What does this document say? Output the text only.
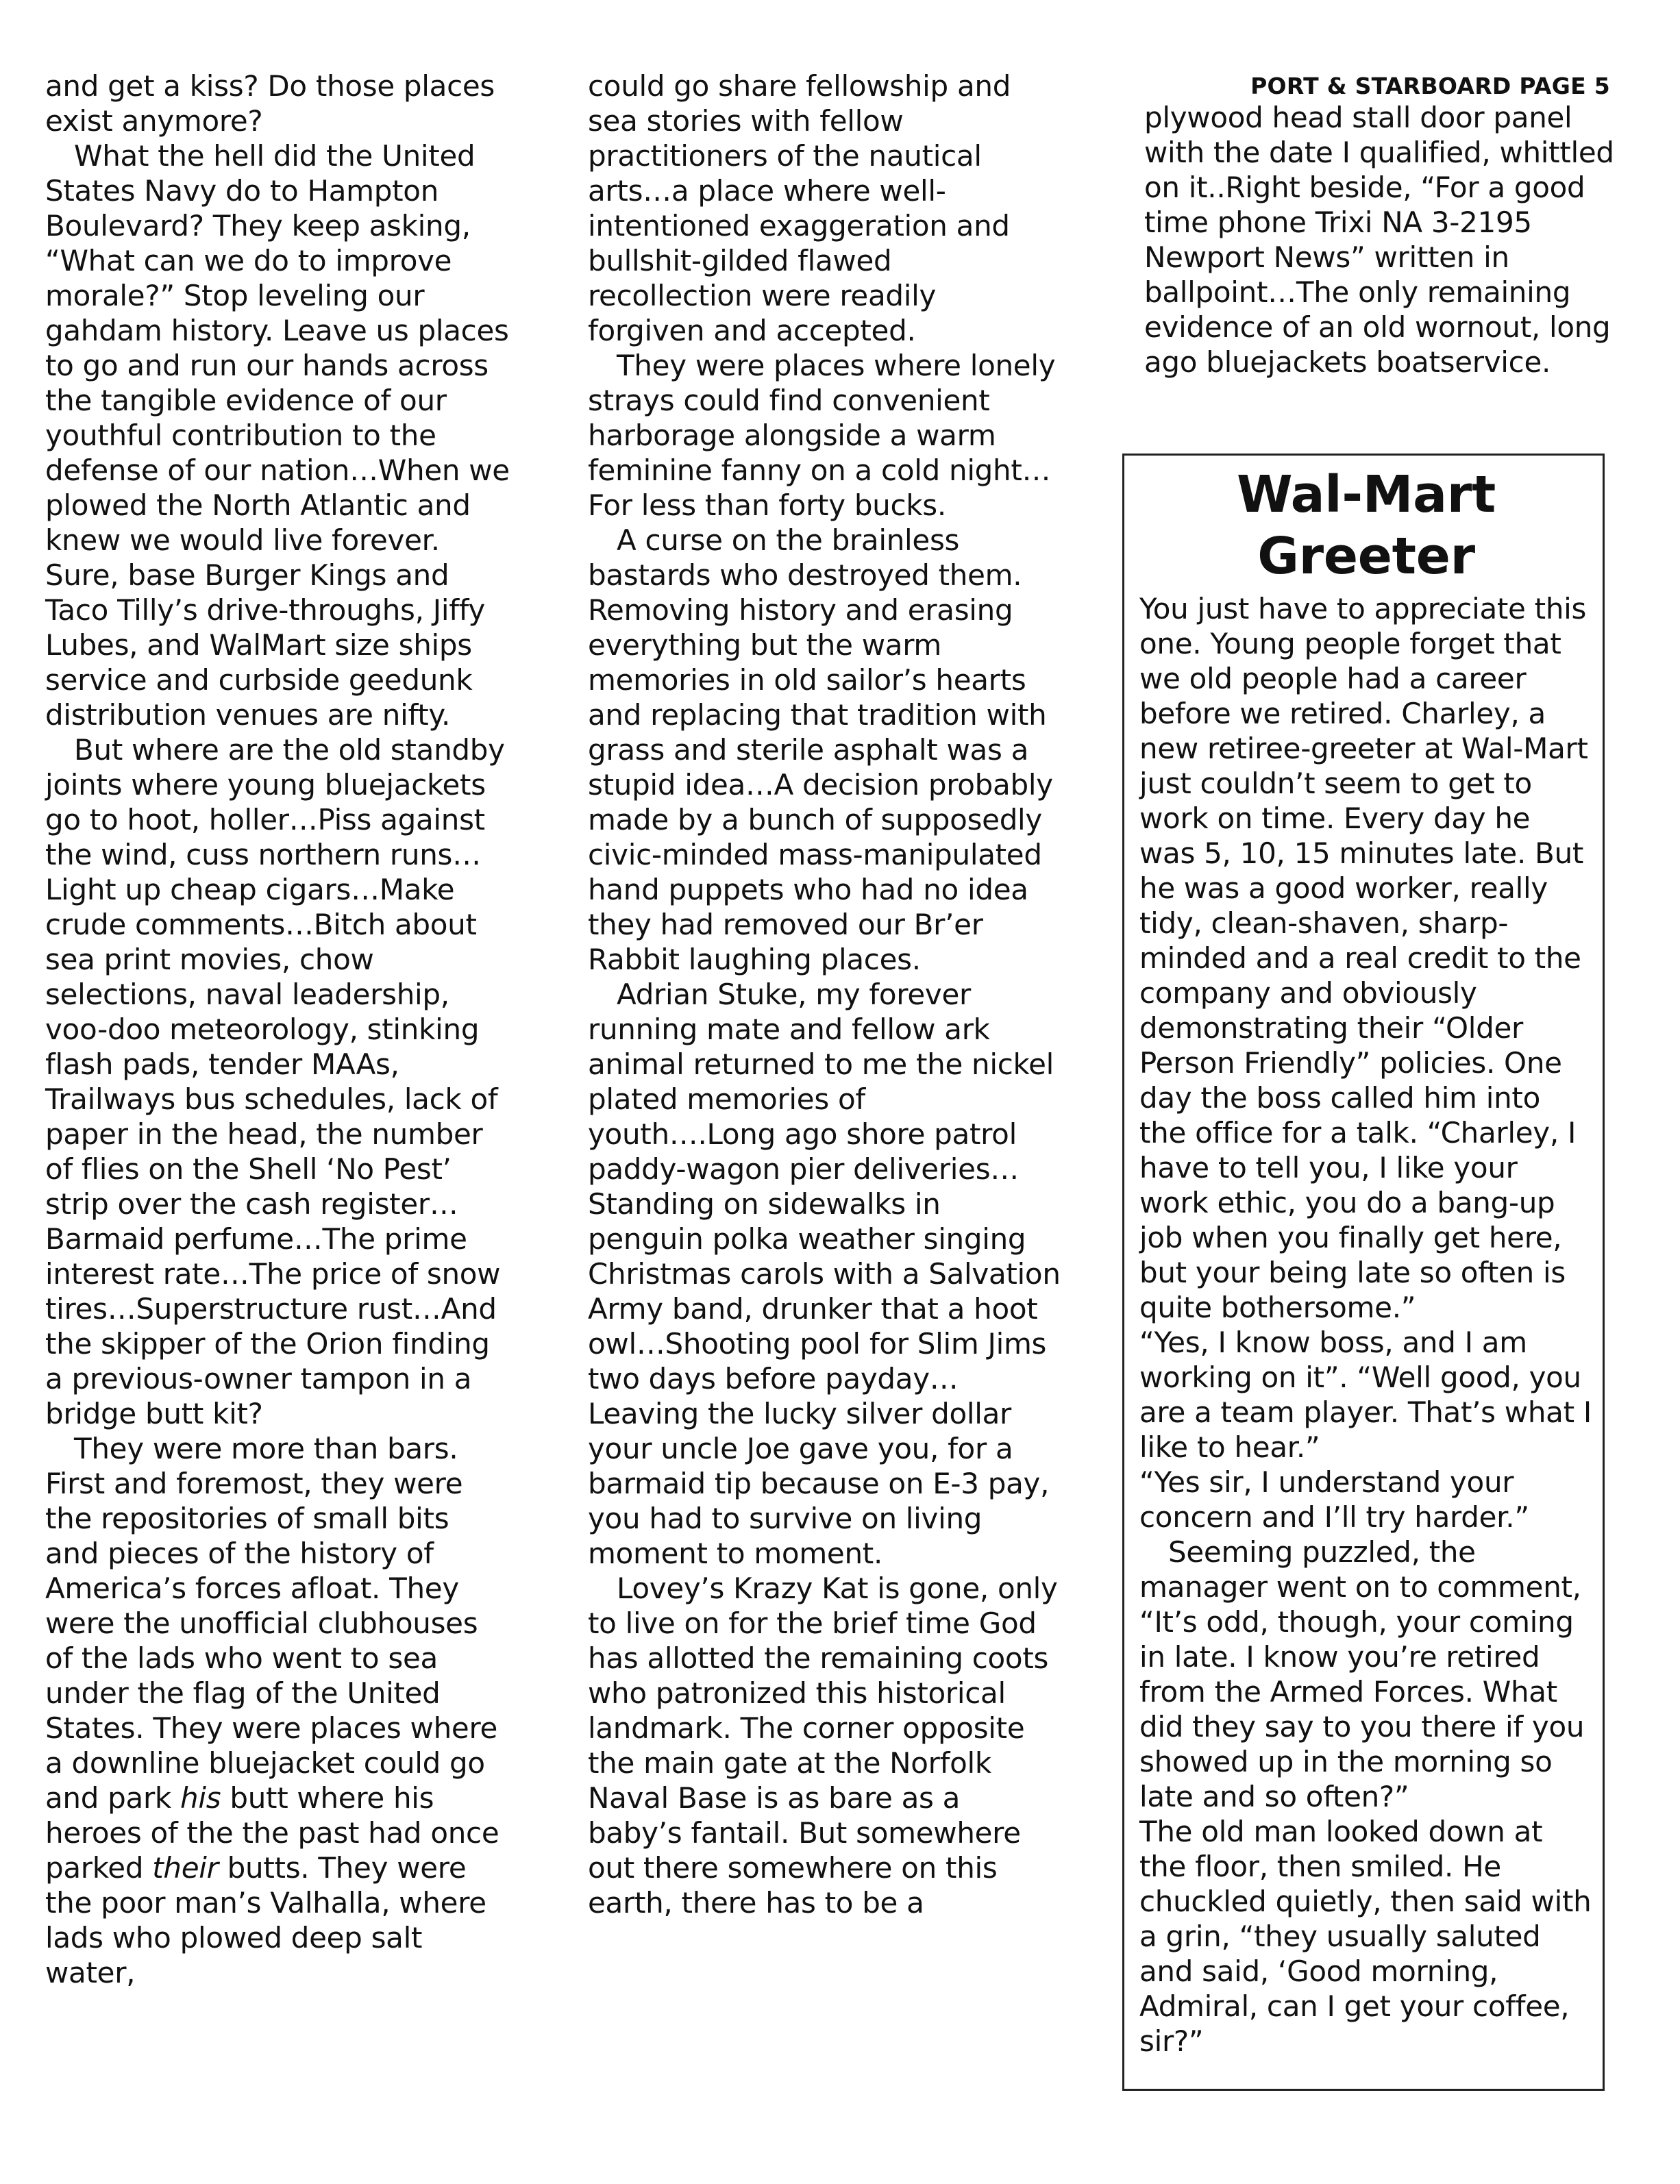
and get a kiss? Do those places exist anymore?

What the hell did the United States Navy do to Hampton Boulevard? They keep asking, “What can we do to improve morale?” Stop leveling our gahdam history. Leave us places to go and run our hands across the tangible evidence of our youthful contribution to the defense of our nation…When we plowed the North Atlantic and knew we would live forever. Sure, base Burger Kings and Taco Tilly’s drive-throughs, Jiffy Lubes, and WalMart size ships service and curbside geedunk distribution venues are nifty.

But where are the old standby joints where young bluejackets go to hoot, holler…Piss against the wind, cuss northern runs…Light up cheap cigars…Make crude comments…Bitch about sea print movies, chow selections, naval leadership, voo-doo meteorology, stinking flash pads, tender MAAs, Trailways bus schedules, lack of paper in the head, the number of flies on the Shell ‘No Pest’ strip over the cash register… Barmaid perfume…The prime interest rate…The price of snow tires…Superstructure rust…And the skipper of the Orion finding a previous-owner tampon in a bridge butt kit?

They were more than bars. First and foremost, they were the repositories of small bits and pieces of the history of America’s forces afloat. They were the unofficial clubhouses of the lads who went to sea under the flag of the United States. They were places where a downline bluejacket could go and park his butt where his heroes of the the past had once parked their butts. They were the poor man’s Valhalla, where lads who plowed deep salt water,

could go share fellowship and sea stories with fellow practitioners of the nautical arts…a place where well-intentioned exaggeration and bullshit-gilded flawed recollection were readily forgiven and accepted.

They were places where lonely strays could find convenient harborage alongside a warm feminine fanny on a cold night…For less than forty bucks.

A curse on the brainless bastards who destroyed them. Removing history and erasing everything but the warm memories in old sailor’s hearts and replacing that tradition with grass and sterile asphalt was a stupid idea…A decision probably made by a bunch of supposedly civic-minded mass-manipulated hand puppets who had no idea they had removed our Br’er Rabbit laughing places.

Adrian Stuke, my forever running mate and fellow ark animal returned to me the nickel plated memories of youth….Long ago shore patrol paddy-wagon pier deliveries…Standing on sidewalks in penguin polka weather singing Christmas carols with a Salvation Army band, drunker that a hoot owl…Shooting pool for Slim Jims two days before payday…Leaving the lucky silver dollar your uncle Joe gave you, for a barmaid tip because on E-3 pay, you had to survive on living moment to moment.

Lovey’s Krazy Kat is gone, only to live on for the brief time God has allotted the remaining coots who patronized this historical landmark. The corner opposite the main gate at the Norfolk Naval Base is as bare as a baby’s fantail. But somewhere out there somewhere on this earth, there has to be a

PORT & STARBOARD PAGE 5

plywood head stall door panel with the date I qualified, whittled on it..Right beside, “For a good time phone Trixi NA 3-2195 Newport News” written in ballpoint…The only remaining evidence of an old wornout, long ago bluejackets boatservice.

Wal-Mart Greeter

You just have to appreciate this one. Young people forget that we old people had a career before we retired. Charley, a new retiree-greeter at Wal-Mart just couldn’t seem to get to work on time. Every day he was 5, 10, 15 minutes late. But he was a good worker, really tidy, clean-shaven, sharp-minded and a real credit to the company and obviously demonstrating their “Older Person Friendly” policies. One day the boss called him into the office for a talk. “Charley, I have to tell you, I like your work ethic, you do a bang-up job when you finally get here, but your being late so often is quite bothersome.”

“Yes, I know boss, and I am working on it”. “Well good, you are a team player. That’s what I like to hear.”

“Yes sir, I understand your concern and I’ll try harder.”

Seeming puzzled, the manager went on to comment, “It’s odd, though, your coming in late. I know you’re retired from the Armed Forces. What did they say to you there if you showed up in the morning so late and so often?”

The old man looked down at the floor, then smiled. He chuckled quietly, then said with a grin, “they usually saluted and said, ‘Good morning, Admiral, can I get your coffee, sir?”
